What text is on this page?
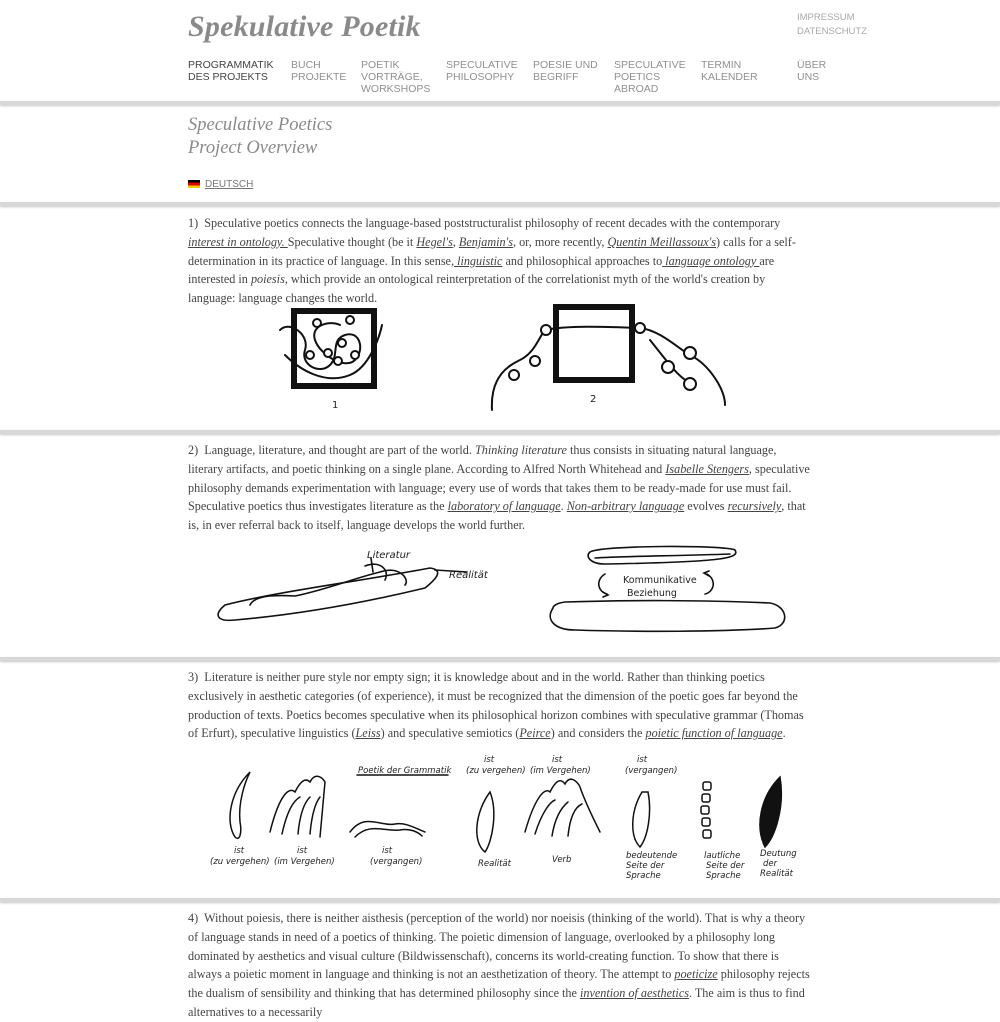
Spekulative Poetik	IMPRESSUM
DATENSCHUTZ
PROGRAMMATIK
DES PROJEKTS
BUCH
PROJEKTE
POETIK
VORTRÄGE,
WORKSHOPS
SPECULATIVE
PHILOSOPHY
POESIE UND
BEGRIFF
SPECULATIVE
POETICS
ABROAD
TERMIN
KALENDER
ÜBER
UNS
Speculative Poetics
Project Overview
DEUTSCH

1) Speculative poetics connects the language-based poststructuralist philosophy of recent decades with the contemporary interest in ontology. Speculative thought (be it Hegel's, Benjamin's, or, more recently, Quentin Meillassoux's) calls for a self-determination in its practice of language. In this sense, linguistic and philosophical approaches to language ontology are interested in poiesis, which provide an ontological reinterpretation of the correlationist myth of the world's creation by language: language changes the world.

1
2

2) Language, literature, and thought are part of the world. Thinking literature thus consists in situating natural language, literary artifacts, and poetic thinking on a single plane. According to Alfred North Whitehead and Isabelle Stengers, speculative philosophy demands experimentation with language; every use of words that takes them to be ready-made for use must fail. Speculative poetics thus investigates literature as the laboratory of language. Non-arbitrary language evolves recursively, that is, in ever referral back to itself, language develops the world further.

Literatur
Realität	Kommunikative
Beziehung

3) Literature is neither pure style nor empty sign; it is knowledge about and in the world. Rather than thinking poetics exclusively in aesthetic categories (of experience), it must be recognized that the dimension of the poetic goes far beyond the production of texts. Poetics becomes speculative when its philosophical horizon combines with speculative grammar (Thomas of Erfurt), speculative linguistics (Leiss) and speculative semiotics (Peirce) and considers the poietic function of language.

ist
(zu vergehen)
ist
(im Vergehen)
ist
(vergangen)
Poetik der Grammatik
ist
(zu vergehen)
ist
(im Vergehen)
Realität	Verb
ist
(vergangen)
bedeutende
Seite der
Sprache
lautliche
Seite der
Sprache
Deutung
der
Realität

4) Without poiesis, there is neither aisthesis (perception of the world) nor noeisis (thinking of the world). That is why a theory of language stands in need of a poetics of thinking. The poietic dimension of language, overlooked by a philosophy long dominated by aesthetics and visual culture (Bildwissenschaft), concerns its world-creating function. To show that there is always a poietic moment in language and thinking is not an aesthetization of theory. The attempt to poeticize philosophy rejects the dualism of sensibility and thinking that has determined philosophy since the invention of aesthetics. The aim is thus to find alternatives to a necessarily
